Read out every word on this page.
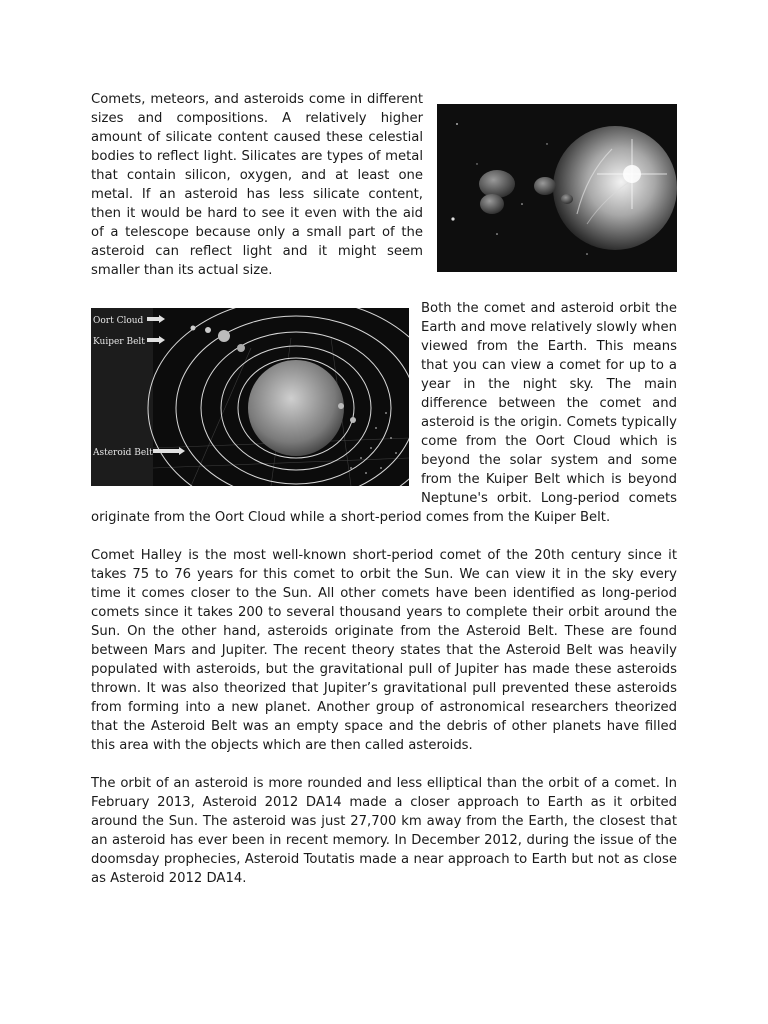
Comets, meteors, and asteroids come in different sizes and compositions. A relatively higher amount of silicate content caused these celestial bodies to reflect light. Silicates are types of metal that contain silicon, oxygen, and at least one metal. If an asteroid has less silicate content, then it would be hard to see it even with the aid of a telescope because only a small part of the asteroid can reflect light and it might seem smaller than its actual size.

Oort Cloud
Kuiper Belt
Asteroid Belt

Both the comet and asteroid orbit the Earth and move relatively slowly when viewed from the Earth. This means that you can view a comet for up to a year in the night sky. The main difference between the comet and asteroid is the origin. Comets typically come from the Oort Cloud which is beyond the solar system and some from the Kuiper Belt which is beyond Neptune's orbit. Long-period comets originate from the Oort Cloud while a short-period comes from the Kuiper Belt.

Comet Halley is the most well-known short-period comet of the 20th century since it takes 75 to 76 years for this comet to orbit the Sun. We can view it in the sky every time it comes closer to the Sun. All other comets have been identified as long-period comets since it takes 200 to several thousand years to complete their orbit around the Sun. On the other hand, asteroids originate from the Asteroid Belt. These are found between Mars and Jupiter. The recent theory states that the Asteroid Belt was heavily populated with asteroids, but the gravitational pull of Jupiter has made these asteroids thrown. It was also theorized that Jupiter’s gravitational pull prevented these asteroids from forming into a new planet. Another group of astronomical researchers theorized that the Asteroid Belt was an empty space and the debris of other planets have filled this area with the objects which are then called asteroids.

The orbit of an asteroid is more rounded and less elliptical than the orbit of a comet. In February 2013, Asteroid 2012 DA14 made a closer approach to Earth as it orbited around the Sun. The asteroid was just 27,700 km away from the Earth, the closest that an asteroid has ever been in recent memory. In December 2012, during the issue of the doomsday prophecies, Asteroid Toutatis made a near approach to Earth but not as close as Asteroid 2012 DA14.
